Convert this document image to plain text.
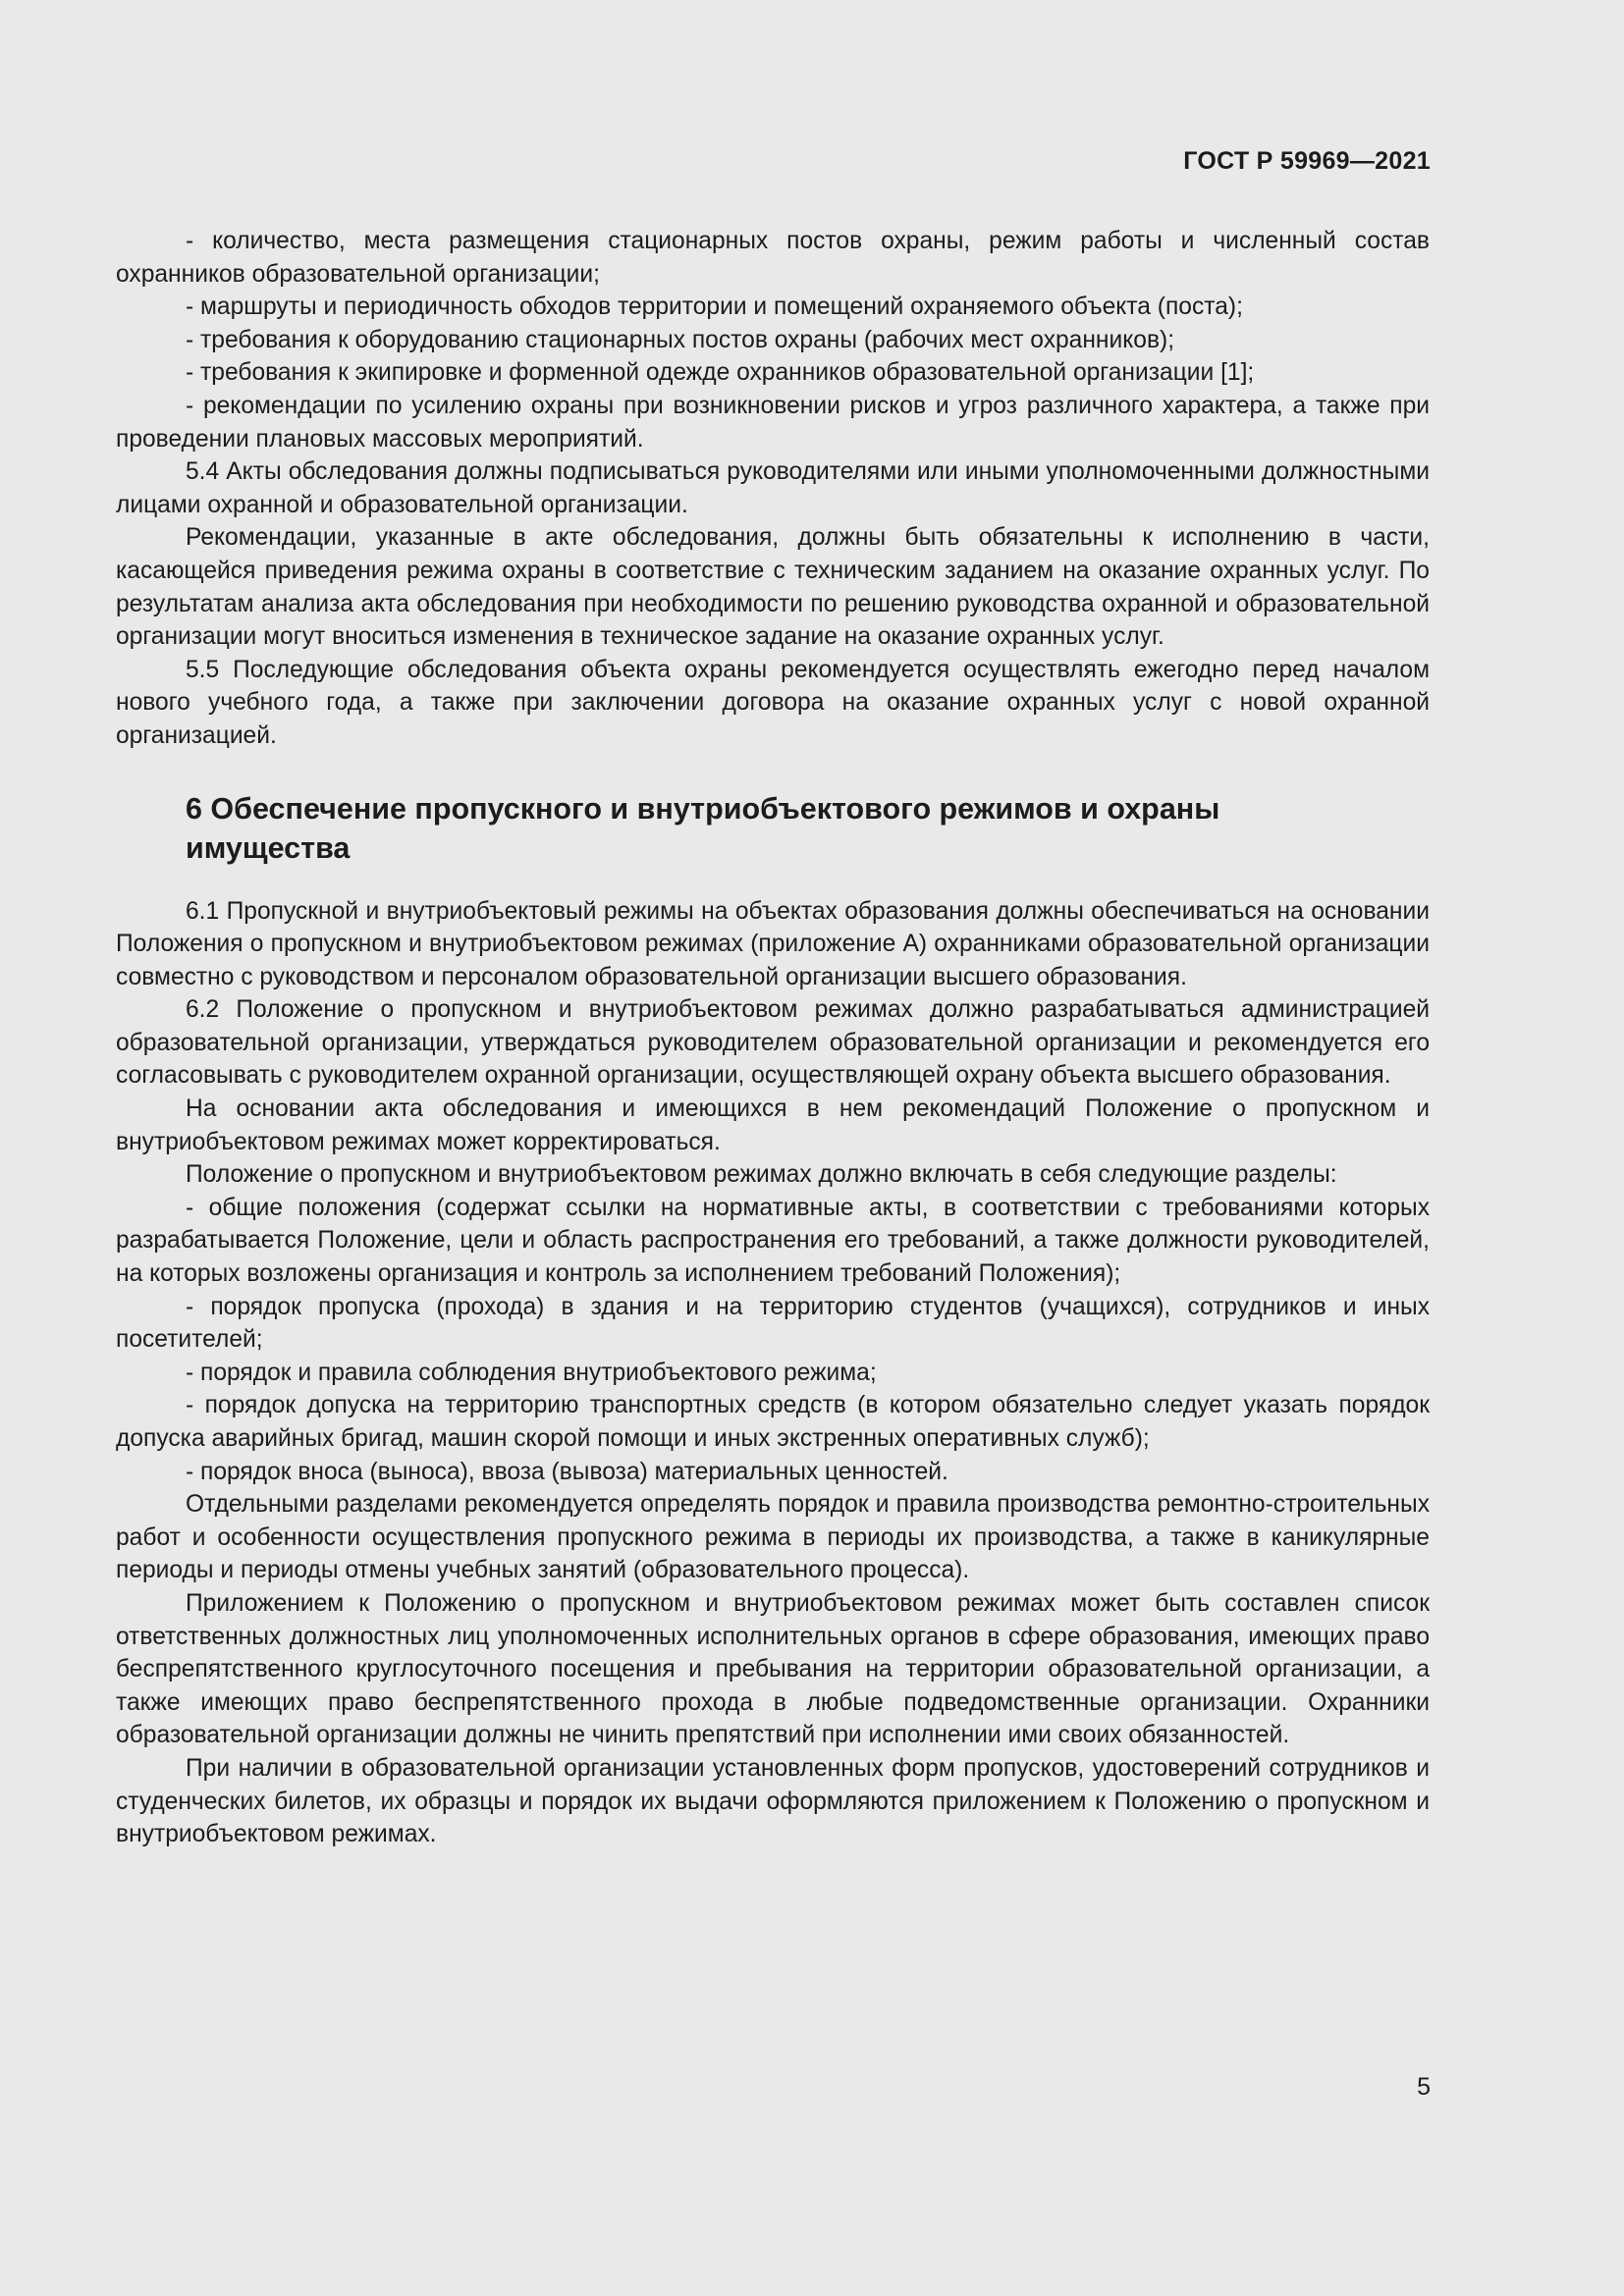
ГОСТ Р 59969—2021

- количество, места размещения стационарных постов охраны, режим работы и численный состав охранников образовательной организации;

- маршруты и периодичность обходов территории и помещений охраняемого объекта (поста);

- требования к оборудованию стационарных постов охраны (рабочих мест охранников);

- требования к экипировке и форменной одежде охранников образовательной организации [1];

- рекомендации по усилению охраны при возникновении рисков и угроз различного характера, а также при проведении плановых массовых мероприятий.

5.4 Акты обследования должны подписываться руководителями или иными уполномоченными должностными лицами охранной и образовательной организации.

Рекомендации, указанные в акте обследования, должны быть обязательны к исполнению в части, касающейся приведения режима охраны в соответствие с техническим заданием на оказание охранных услуг. По результатам анализа акта обследования при необходимости по решению руководства охранной и образовательной организации могут вноситься изменения в техническое задание на оказание охранных услуг.

5.5 Последующие обследования объекта охраны рекомендуется осуществлять ежегодно перед началом нового учебного года, а также при заключении договора на оказание охранных услуг с новой охранной организацией.

6 Обеспечение пропускного и внутриобъектового режимов и охраны имущества

6.1 Пропускной и внутриобъектовый режимы на объектах образования должны обеспечиваться на основании Положения о пропускном и внутриобъектовом режимах (приложение А) охранниками образовательной организации совместно с руководством и персоналом образовательной организации высшего образования.

6.2 Положение о пропускном и внутриобъектовом режимах должно разрабатываться администрацией образовательной организации, утверждаться руководителем образовательной организации и рекомендуется его согласовывать с руководителем охранной организации, осуществляющей охрану объекта высшего образования.

На основании акта обследования и имеющихся в нем рекомендаций Положение о пропускном и внутриобъектовом режимах может корректироваться.

Положение о пропускном и внутриобъектовом режимах должно включать в себя следующие разделы:

- общие положения (содержат ссылки на нормативные акты, в соответствии с требованиями которых разрабатывается Положение, цели и область распространения его требований, а также должности руководителей, на которых возложены организация и контроль за исполнением требований Положения);

- порядок пропуска (прохода) в здания и на территорию студентов (учащихся), сотрудников и иных посетителей;

- порядок и правила соблюдения внутриобъектового режима;

- порядок допуска на территорию транспортных средств (в котором обязательно следует указать порядок допуска аварийных бригад, машин скорой помощи и иных экстренных оперативных служб);

- порядок вноса (выноса), ввоза (вывоза) материальных ценностей.

Отдельными разделами рекомендуется определять порядок и правила производства ремонтно-строительных работ и особенности осуществления пропускного режима в периоды их производства, а также в каникулярные периоды и периоды отмены учебных занятий (образовательного процесса).

Приложением к Положению о пропускном и внутриобъектовом режимах может быть составлен список ответственных должностных лиц уполномоченных исполнительных органов в сфере образования, имеющих право беспрепятственного круглосуточного посещения и пребывания на территории образовательной организации, а также имеющих право беспрепятственного прохода в любые подведомственные организации. Охранники образовательной организации должны не чинить препятствий при исполнении ими своих обязанностей.

При наличии в образовательной организации установленных форм пропусков, удостоверений сотрудников и студенческих билетов, их образцы и порядок их выдачи оформляются приложением к Положению о пропускном и внутриобъектовом режимах.

5
